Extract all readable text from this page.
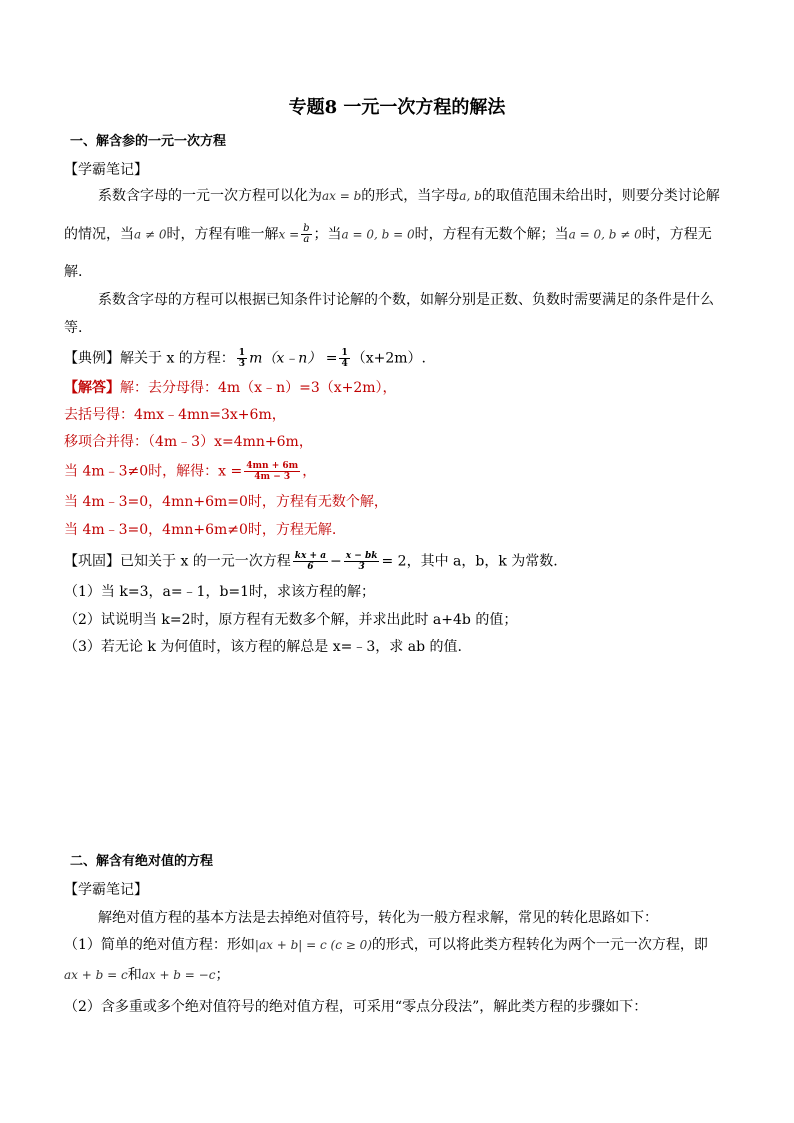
专题8 一元一次方程的解法
一、解含参的一元一次方程
【学霸笔记】
系数含字母的一元一次方程可以化为ax = b的形式，当字母a, b的取值范围未给出时，则要分类讨论解
的情况，当a ≠ 0时，方程有唯一解$x = \frac{b}{a}$ ；当a = 0, b = 0时，方程有无数个解；当a = 0, b ≠ 0时，方程无
解.
系数含字母的方程可以根据已知条件讨论解的个数，如解分别是正数、负数时需要满足的条件是什么
等.
【典例】解关于 x 的方程： $\frac{1}{3}$ m（x﹣n） = $\frac{1}{4} (x+2m)$.
【解答】解：去分母得：4m（x﹣n）=3（x+2m），
去括号得：4mx﹣4mn=3x+6m，
移项合并得：（4m﹣3）x=4mn+6m，
当 4m﹣3≠0时，解得：$x = \frac{4mn + 6m}{4m - 3}$ ，
当 4m﹣3=0，4mn+6m=0时，方程有无数个解，
当 4m﹣3=0，4mn+6m≠0时，方程无解.
【巩固】已知关于 x 的一元一次方程 $\frac{kx + a}{6} - \frac{x - bk}{3} = 2$，其中 a，b，k 为常数.
（1）当 k=3，a=﹣1，b=1时，求该方程的解；
（2）试说明当 k=2时，原方程有无数多个解，并求出此时 a+4b 的值；
（3）若无论 k 为何值时，该方程的解总是 x=﹣3，求 ab 的值.
二、解含有绝对值的方程
【学霸笔记】
解绝对值方程的基本方法是去掉绝对值符号，转化为一般方程求解，常见的转化思路如下：
（1）简单的绝对值方程：形如|ax + b| = c (c ≥ 0)的形式，可以将此类方程转化为两个一元一次方程，即
ax + b = c和ax + b = −c；
（2）含多重或多个绝对值符号的绝对值方程，可采用“零点分段法”，解此类方程的步骤如下：
